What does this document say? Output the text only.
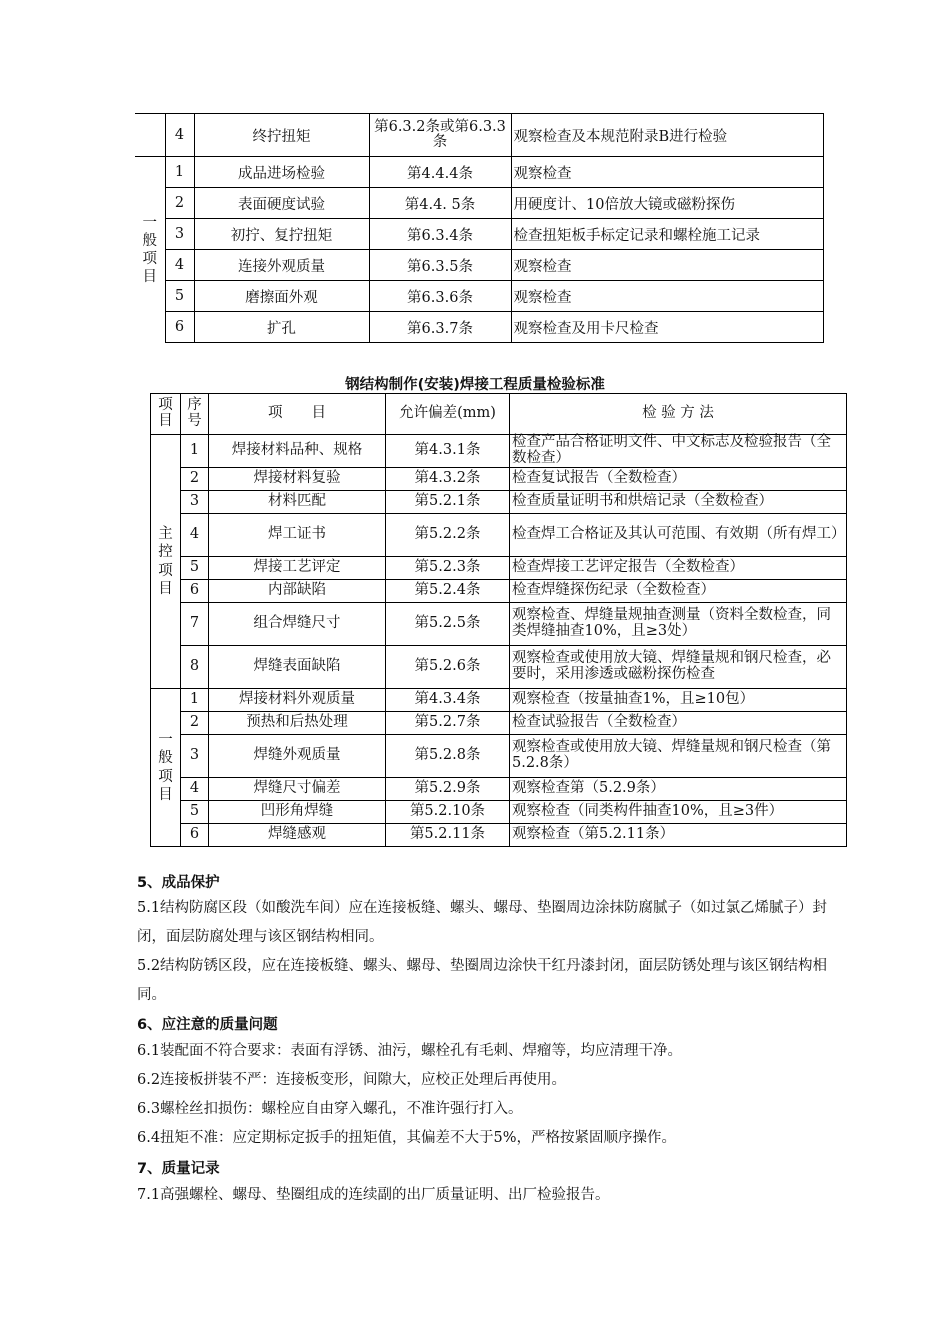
	4	终拧扭矩	第6.3.2条或第6.3.3条	观察检查及本规范附录B进行检验
一般项目	1	成品进场检验	第4.4.4条	观察检查
	2	表面硬度试验	第4.4. 5条	用硬度计、10倍放大镜或磁粉探伤
	3	初拧、复拧扭矩	第6.3.4条	检查扭矩板手标定记录和螺栓施工记录
	4	连接外观质量	第6.3.5条	观察检查
	5	磨擦面外观	第6.3.6条	观察检查
	6	扩孔	第6.3.7条	观察检查及用卡尺检查
钢结构制作(安装)焊接工程质量检验标准
项目	序号	项　　目	允许偏差(mm)	检 验 方 法
主控项目	1	焊接材料品种、规格	第4.3.1条	检查产品合格证明文件、中文标志及检验报告（全数检查）
	2	焊接材料复验	第4.3.2条	检查复试报告（全数检查）
	3	材料匹配	第5.2.1条	检查质量证明书和烘焙记录（全数检查）
	4	焊工证书	第5.2.2条	检查焊工合格证及其认可范围、有效期（所有焊工）
	5	焊接工艺评定	第5.2.3条	检查焊接工艺评定报告（全数检查）
	6	内部缺陷	第5.2.4条	检查焊缝探伤纪录（全数检查）
	7	组合焊缝尺寸	第5.2.5条	观察检查、焊缝量规抽查测量（资料全数检查，同类焊缝抽查10%，且≥3处）
	8	焊缝表面缺陷	第5.2.6条	观察检查或使用放大镜、焊缝量规和钢尺检查，必要时，采用渗透或磁粉探伤检查
一般项目	1	焊接材料外观质量	第4.3.4条	观察检查（按量抽查1%，且≥10包）
	2	预热和后热处理	第5.2.7条	检查试验报告（全数检查）
	3	焊缝外观质量	第5.2.8条	观察检查或使用放大镜、焊缝量规和钢尺检查（第5.2.8条）
	4	焊缝尺寸偏差	第5.2.9条	观察检查第（5.2.9条）
	5	凹形角焊缝	第5.2.10条	观察检查（同类构件抽查10%，且≥3件）
	6	焊缝感观	第5.2.11条	观察检查（第5.2.11条）
5、成品保护

5.1结构防腐区段（如酸洗车间）应在连接板缝、螺头、螺母、垫圈周边涂抹防腐腻子（如过氯乙烯腻子）封闭，面层防腐处理与该区钢结构相同。

5.2结构防锈区段，应在连接板缝、螺头、螺母、垫圈周边涂快干红丹漆封闭，面层防锈处理与该区钢结构相同。

6、应注意的质量问题

6.1装配面不符合要求：表面有浮锈、油污，螺栓孔有毛刺、焊瘤等，均应清理干净。

6.2连接板拼装不严：连接板变形，间隙大，应校正处理后再使用。

6.3螺栓丝扣损伤：螺栓应自由穿入螺孔，不准许强行打入。

6.4扭矩不准：应定期标定扳手的扭矩值，其偏差不大于5%，严格按紧固顺序操作。

7、质量记录

7.1高强螺栓、螺母、垫圈组成的连续副的出厂质量证明、出厂检验报告。
